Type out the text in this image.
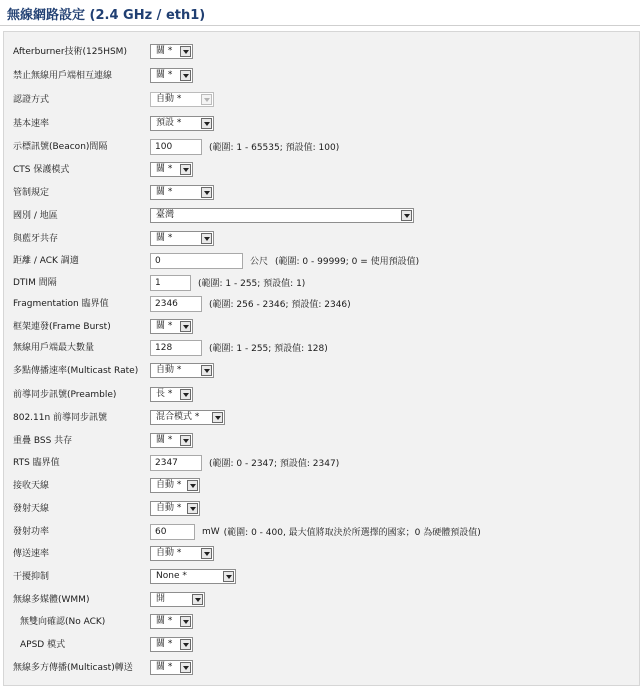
無線網路設定 (2.4 GHz / eth1)
Afterburner技術(125HSM)	關 *
禁止無線用戶端相互連線	關 *
認證方式	自動 *
基本速率	預設 *
示標訊號(Beacon)間隔	100	(範圍: 1 - 65535; 預設值: 100)
CTS 保護模式	關 *
管制規定	關 *
國別 / 地區	臺灣
與藍牙共存	關 *
距離 / ACK 調適	0	公尺 (範圍: 0 - 99999; 0 = 使用預設值)
DTIM 間隔	1	(範圍: 1 - 255; 預設值: 1)
Fragmentation 臨界值	2346	(範圍: 256 - 2346; 預設值: 2346)
框架連發(Frame Burst)	關 *
無線用戶端最大數量	128	(範圍: 1 - 255; 預設值: 128)
多點傳播速率(Multicast Rate)	自動 *
前導同步訊號(Preamble)	長 *
802.11n 前導同步訊號	混合模式 *
重疊 BSS 共存	關 *
RTS 臨界值	2347	(範圍: 0 - 2347; 預設值: 2347)
接收天線	自動 *
發射天線	自動 *
發射功率	60	mW (範圍: 0 - 400, 最大值將取決於所選擇的國家；0 為硬體預設值)
傳送速率	自動 *
干擾抑制	None *
無線多媒體(WMM)	開
無雙向確認(No ACK)	關 *
APSD 模式	關 *
無線多方傳播(Multicast)轉送	關 *
